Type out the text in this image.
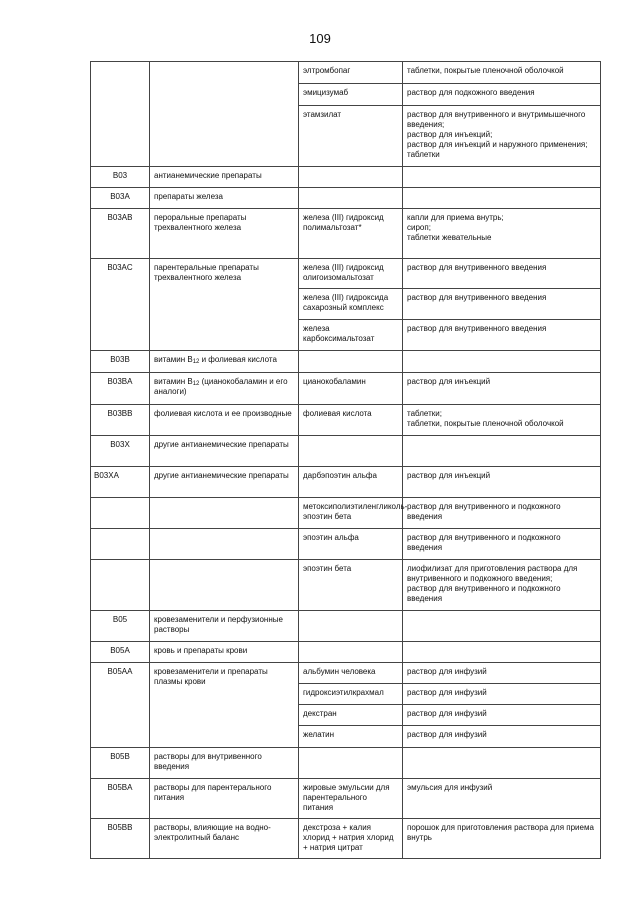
109
		элтромбопаг	таблетки, покрытые пленочной оболочкой

		эмицизумаб	раствор для подкожного введения

		этамзилат	раствор для внутривенного и внутримышечного введения;
раствор для инъекций;
раствор для инъекций и наружного применения;
таблетки

B03	антианемические препараты		
B03A	препараты железа		
B03AB	пероральные препараты трехвалентного железа	железа (III) гидроксид полимальтозат*	капли для приема внутрь;
сироп;
таблетки жевательные

B03AC	парентеральные препараты трехвалентного железа	железа (III) гидроксид олигоизомальтозат	раствор для внутривенного введения

		железа (III) гидроксида сахарозный комплекс	раствор для внутривенного введения

		железа карбоксимальтозат	раствор для внутривенного введения

B03B	витамин $B_{12}$ и фолиевая кислота		
B03BA	витамин $B_{12}$ (цианокобаламин и его аналоги)	цианокобаламин	раствор для инъекций

B03BB	фолиевая кислота и ее производные	фолиевая кислота	таблетки;
таблетки, покрытые пленочной оболочкой

B03X	другие антианемические препараты		
B03XA	другие антианемические препараты	дарбэпоэтин альфа	раствор для инъекций

		метоксиполиэтиленгликоль-эпоэтин бета	раствор для внутривенного и подкожного введения

		эпоэтин альфа	раствор для внутривенного и подкожного введения

		эпоэтин бета	лиофилизат для приготовления раствора для внутривенного и подкожного введения;
раствор для внутривенного и подкожного введения

B05	кровезаменители и перфузионные растворы		
B05A	кровь и препараты крови		
B05AA	кровезаменители и препараты плазмы крови	альбумин человека	раствор для инфузий

		гидроксиэтилкрахмал	раствор для инфузий

		декстран	раствор для инфузий

		желатин	раствор для инфузий

B05B	растворы для внутривенного введения		
B05BA	растворы для парентерального питания	жировые эмульсии для парентерального питания	эмульсия для инфузий

B05BB	растворы, влияющие на водно-электролитный баланс	декстроза + калия хлорид + натрия хлорид + натрия цитрат	порошок для приготовления раствора для приема внутрь
